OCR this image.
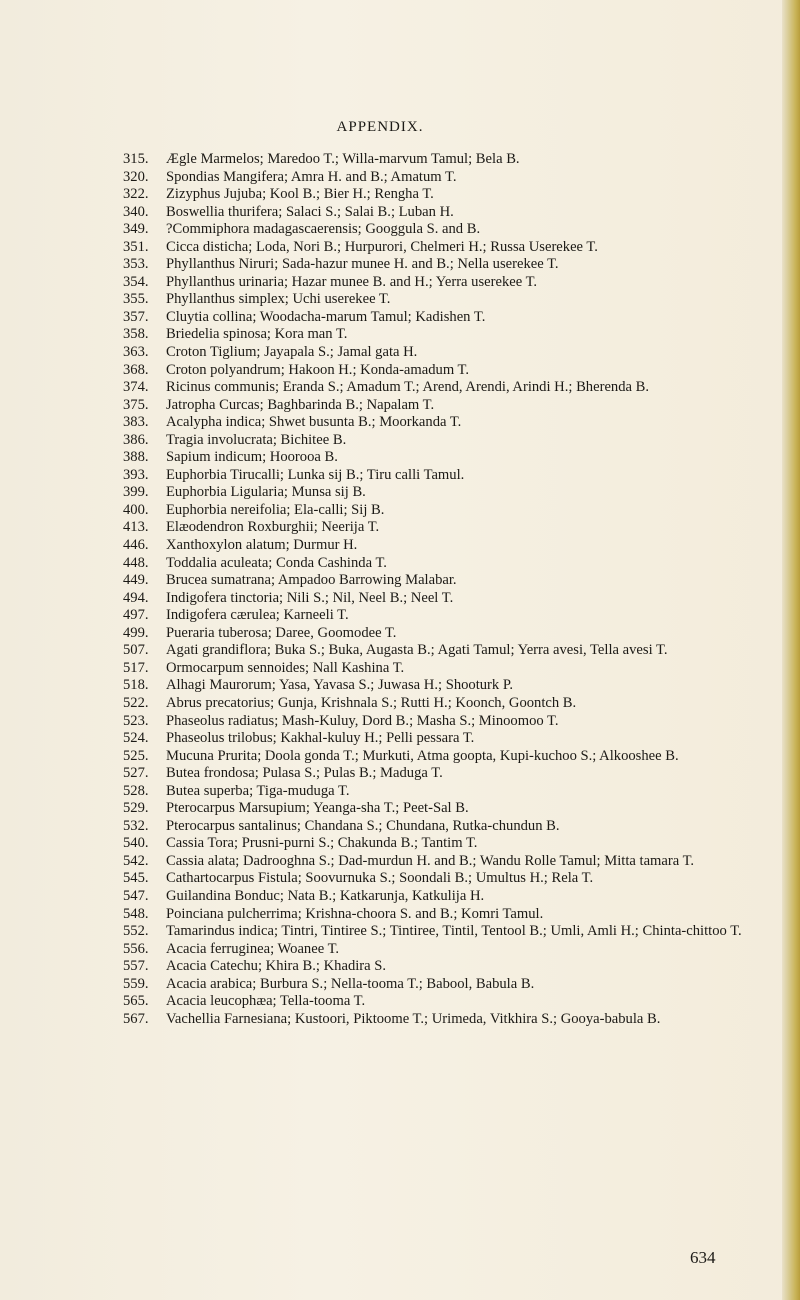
APPENDIX.
315.	Ægle Marmelos; Maredoo T.; Willa-marvum Tamul; Bela B.
320.	Spondias Mangifera; Amra H. and B.; Amatum T.
322.	Zizyphus Jujuba; Kool B.; Bier H.; Rengha T.
340.	Boswellia thurifera; Salaci S.; Salai B.; Luban H.
349.	?Commiphora madagascaerensis; Googgula S. and B.
351.	Cicca disticha; Loda, Nori B.; Hurpurori, Chelmeri H.; Russa Userekee T.
353.	Phyllanthus Niruri; Sada-hazur munee H. and B.; Nella userekee T.
354.	Phyllanthus urinaria; Hazar munee B. and H.; Yerra userekee T.
355.	Phyllanthus simplex; Uchi userekee T.
357.	Cluytia collina; Woodacha-marum Tamul; Kadishen T.
358.	Briedelia spinosa; Kora man T.
363.	Croton Tiglium; Jayapala S.; Jamal gata H.
368.	Croton polyandrum; Hakoon H.; Konda-amadum T.
374.	Ricinus communis; Eranda S.; Amadum T.; Arend, Arendi, Arindi H.; Bherenda B.
375.	Jatropha Curcas; Baghbarinda B.; Napalam T.
383.	Acalypha indica; Shwet busunta B.; Moorkanda T.
386.	Tragia involucrata; Bichitee B.
388.	Sapium indicum; Hoorooa B.
393.	Euphorbia Tirucalli; Lunka sij B.; Tiru calli Tamul.
399.	Euphorbia Ligularia; Munsa sij B.
400.	Euphorbia nereifolia; Ela-calli; Sij B.
413.	Elæodendron Roxburghii; Neerija T.
446.	Xanthoxylon alatum; Durmur H.
448.	Toddalia aculeata; Conda Cashinda T.
449.	Brucea sumatrana; Ampadoo Barrowing Malabar.
494.	Indigofera tinctoria; Nili S.; Nil, Neel B.; Neel T.
497.	Indigofera cærulea; Karneeli T.
499.	Pueraria tuberosa; Daree, Goomodee T.
507.	Agati grandiflora; Buka S.; Buka, Augasta B.; Agati Tamul; Yerra avesi, Tella avesi T.
517.	Ormocarpum sennoides; Nall Kashina T.
518.	Alhagi Maurorum; Yasa, Yavasa S.; Juwasa H.; Shooturk P.
522.	Abrus precatorius; Gunja, Krishnala S.; Rutti H.; Koonch, Goontch B.
523.	Phaseolus radiatus; Mash-Kuluy, Dord B.; Masha S.; Minoomoo T.
524.	Phaseolus trilobus; Kakhal-kuluy H.; Pelli pessara T.
525.	Mucuna Prurita; Doola gonda T.; Murkuti, Atma goopta, Kupi-kuchoo S.; Alkooshee B.
527.	Butea frondosa; Pulasa S.; Pulas B.; Maduga T.
528.	Butea superba; Tiga-muduga T.
529.	Pterocarpus Marsupium; Yeanga-sha T.; Peet-Sal B.
532.	Pterocarpus santalinus; Chandana S.; Chundana, Rutka-chundun B.
540.	Cassia Tora; Prusni-purni S.; Chakunda B.; Tantim T.
542.	Cassia alata; Dadrooghna S.; Dad-murdun H. and B.; Wandu Rolle Tamul; Mitta tamara T.
545.	Cathartocarpus Fistula; Soovurnuka S.; Soondali B.; Umultus H.; Rela T.
547.	Guilandina Bonduc; Nata B.; Katkarunja, Katkulija H.
548.	Poinciana pulcherrima; Krishna-choora S. and B.; Komri Tamul.
552.	Tamarindus indica; Tintri, Tintiree S.; Tintiree, Tintil, Tentool B.; Umli, Amli H.; Chinta-chittoo T.
556.	Acacia ferruginea; Woanee T.
557.	Acacia Catechu; Khira B.; Khadira S.
559.	Acacia arabica; Burbura S.; Nella-tooma T.; Babool, Babula B.
565.	Acacia leucophæa; Tella-tooma T.
567.	Vachellia Farnesiana; Kustoori, Piktoome T.; Urimeda, Vitkhira S.; Gooya-babula B.
634
